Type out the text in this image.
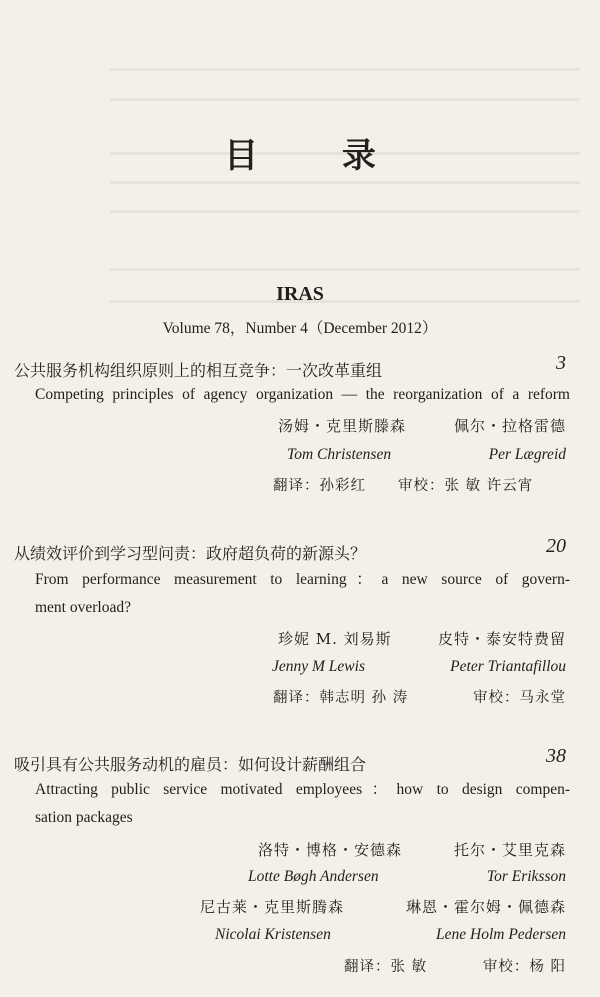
目 录
IRAS
Volume 78，Number 4（December 2012）
公共服务机构组织原则上的相互竞争：一次改革重组	3
Competing principles of agency organization — the reorganization of a reform
汤姆・克里斯滕森	佩尔・拉格雷德
Tom Christensen	Per Lægreid
翻译：孙彩红 审校：张 敏 许云宵
从绩效评价到学习型问责：政府超负荷的新源头？	20
From performance measurement to learning：a new source of govern-
ment overload?
珍妮 M. 刘易斯	皮特・泰安特费留
Jenny M Lewis	Peter Triantafillou
翻译：韩志明 孙 涛	审校：马永堂
吸引具有公共服务动机的雇员：如何设计薪酬组合	38
Attracting public service motivated employees：how to design compen-
sation packages
洛特・博格・安德森	托尔・艾里克森
Lotte Bøgh Andersen	Tor Eriksson
尼古莱・克里斯腾森	琳恩・霍尔姆・佩德森
Nicolai Kristensen	Lene Holm Pedersen
翻译：张 敏	审校：杨 阳
